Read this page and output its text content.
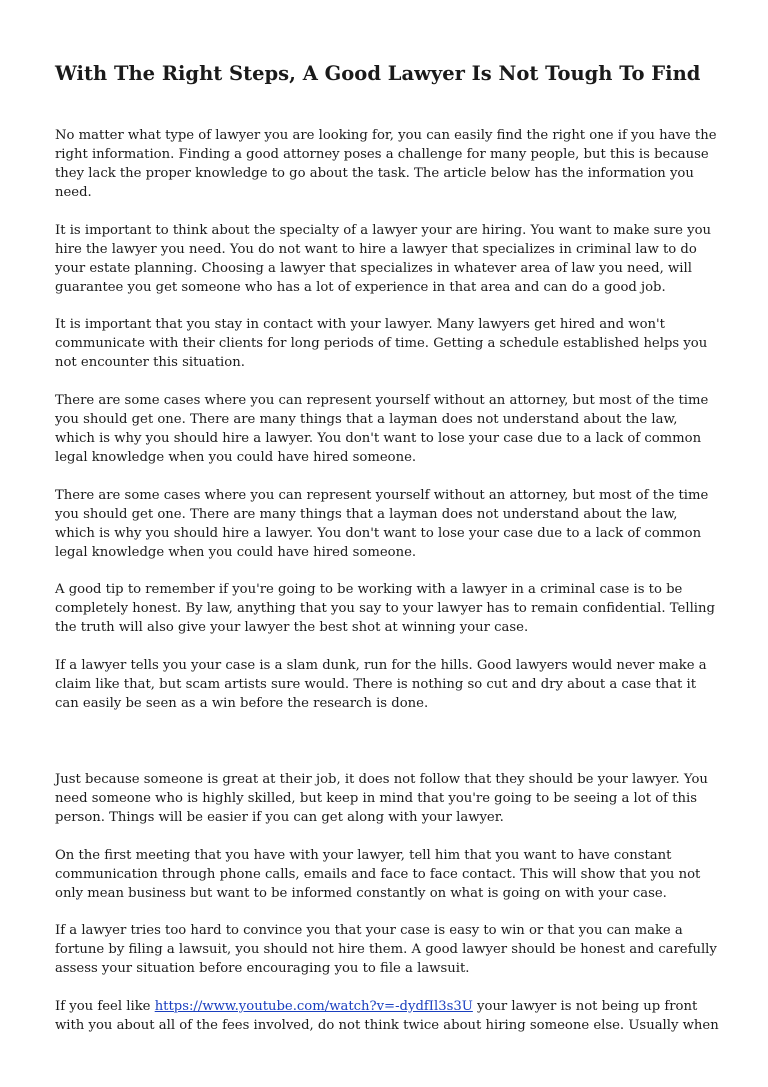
With The Right Steps, A Good Lawyer Is Not Tough To Find

No matter what type of lawyer you are looking for, you can easily find the right one if you have the right information. Finding a good attorney poses a challenge for many people, but this is because they lack the proper knowledge to go about the task. The article below has the information you need.

It is important to think about the specialty of a lawyer your are hiring. You want to make sure you hire the lawyer you need. You do not want to hire a lawyer that specializes in criminal law to do your estate planning. Choosing a lawyer that specializes in whatever area of law you need, will guarantee you get someone who has a lot of experience in that area and can do a good job.

It is important that you stay in contact with your lawyer. Many lawyers get hired and won't communicate with their clients for long periods of time. Getting a schedule established helps you not encounter this situation.

There are some cases where you can represent yourself without an attorney, but most of the time you should get one. There are many things that a layman does not understand about the law, which is why you should hire a lawyer. You don't want to lose your case due to a lack of common legal knowledge when you could have hired someone.

There are some cases where you can represent yourself without an attorney, but most of the time you should get one. There are many things that a layman does not understand about the law, which is why you should hire a lawyer. You don't want to lose your case due to a lack of common legal knowledge when you could have hired someone.

A good tip to remember if you're going to be working with a lawyer in a criminal case is to be completely honest. By law, anything that you say to your lawyer has to remain confidential. Telling the truth will also give your lawyer the best shot at winning your case.

If a lawyer tells you your case is a slam dunk, run for the hills. Good lawyers would never make a claim like that, but scam artists sure would. There is nothing so cut and dry about a case that it can easily be seen as a win before the research is done.

Just because someone is great at their job, it does not follow that they should be your lawyer. You need someone who is highly skilled, but keep in mind that you're going to be seeing a lot of this person. Things will be easier if you can get along with your lawyer.

On the first meeting that you have with your lawyer, tell him that you want to have constant communication through phone calls, emails and face to face contact. This will show that you not only mean business but want to be informed constantly on what is going on with your case.

If a lawyer tries too hard to convince you that your case is easy to win or that you can make a fortune by filing a lawsuit, you should not hire them. A good lawyer should be honest and carefully assess your situation before encouraging you to file a lawsuit.

If you feel like https://www.youtube.com/watch?v=-dydfIl3s3U your lawyer is not being up front with you about all of the fees involved, do not think twice about hiring someone else. Usually when
